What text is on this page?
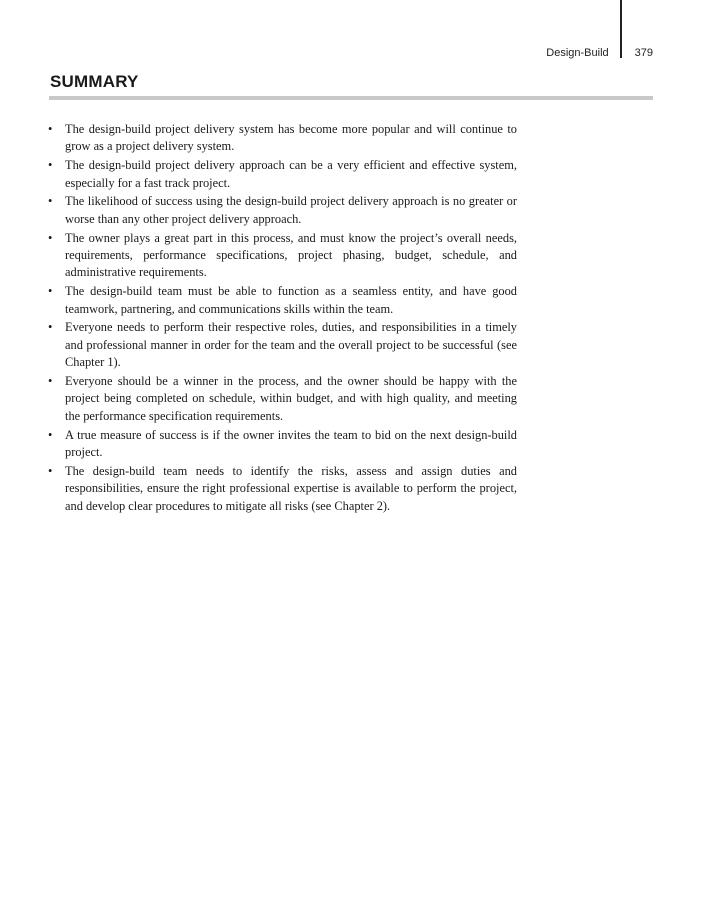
Design-Build 379
SUMMARY
•	The design-build project delivery system has become more popular and will continue to grow as a project delivery system.
•	The design-build project delivery approach can be a very efficient and effective system, especially for a fast track project.
•	The likelihood of success using the design-build project delivery approach is no greater or worse than any other project delivery approach.
•	The owner plays a great part in this process, and must know the project’s overall needs, requirements, performance specifications, project phasing, budget, schedule, and administrative requirements.
•	The design-build team must be able to function as a seamless entity, and have good teamwork, partnering, and communications skills within the team.
•	Everyone needs to perform their respective roles, duties, and responsibilities in a timely and professional manner in order for the team and the overall project to be successful (see Chapter 1).
•	Everyone should be a winner in the process, and the owner should be happy with the project being completed on schedule, within budget, and with high quality, and meeting the performance specification requirements.
•	A true measure of success is if the owner invites the team to bid on the next design-build project.
•	The design-build team needs to identify the risks, assess and assign duties and responsibilities, ensure the right professional expertise is available to perform the project, and develop clear procedures to mitigate all risks (see Chapter 2).
